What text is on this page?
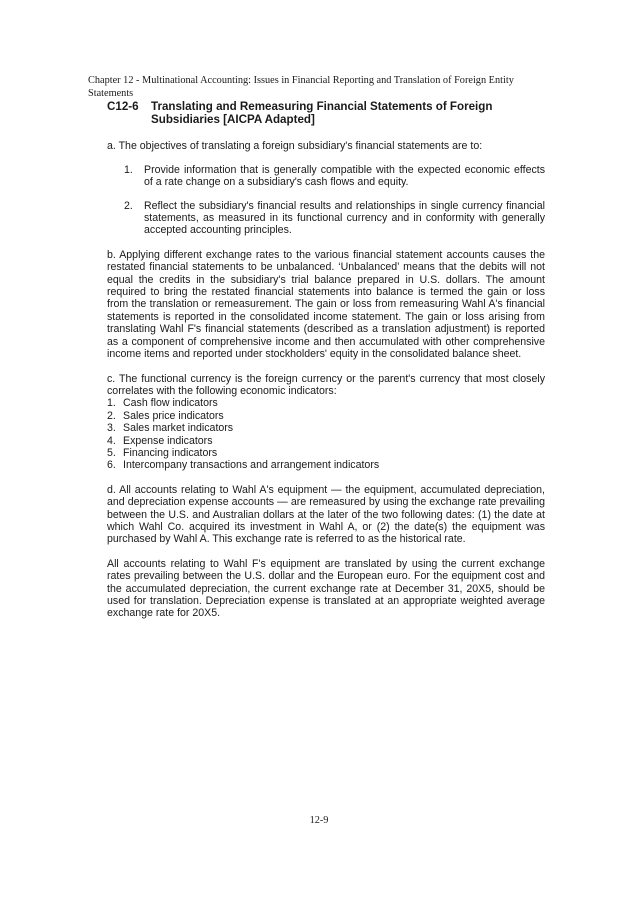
Chapter 12 - Multinational Accounting: Issues in Financial Reporting and Translation of Foreign Entity Statements
C12-6	Translating and Remeasuring Financial Statements of Foreign Subsidiaries [AICPA Adapted]

a. The objectives of translating a foreign subsidiary's financial statements are to:

1.	Provide information that is generally compatible with the expected economic effects of a rate change on a subsidiary's cash flows and equity.
2.	Reflect the subsidiary's financial results and relationships in single currency financial statements, as measured in its functional currency and in conformity with generally accepted accounting principles.

b. Applying different exchange rates to the various financial statement accounts causes the restated financial statements to be unbalanced. ‘Unbalanced’ means that the debits will not equal the credits in the subsidiary's trial balance prepared in U.S. dollars. The amount required to bring the restated financial statements into balance is termed the gain or loss from the translation or remeasurement. The gain or loss from remeasuring Wahl A's financial statements is reported in the consolidated income statement. The gain or loss arising from translating Wahl F's financial statements (described as a translation adjustment) is reported as a component of comprehensive income and then accumulated with other comprehensive income items and reported under stockholders' equity in the consolidated balance sheet.

c. The functional currency is the foreign currency or the parent's currency that most closely correlates with the following economic indicators:

1. Cash flow indicators
2. Sales price indicators
3. Sales market indicators
4. Expense indicators
5. Financing indicators
6. Intercompany transactions and arrangement indicators

d. All accounts relating to Wahl A's equipment — the equipment, accumulated depreciation, and depreciation expense accounts — are remeasured by using the exchange rate prevailing between the U.S. and Australian dollars at the later of the two following dates: (1) the date at which Wahl Co. acquired its investment in Wahl A, or (2) the date(s) the equipment was purchased by Wahl A. This exchange rate is referred to as the historical rate.

All accounts relating to Wahl F's equipment are translated by using the current exchange rates prevailing between the U.S. dollar and the European euro. For the equipment cost and the accumulated depreciation, the current exchange rate at December 31, 20X5, should be used for translation. Depreciation expense is translated at an appropriate weighted average exchange rate for 20X5.

12-9
